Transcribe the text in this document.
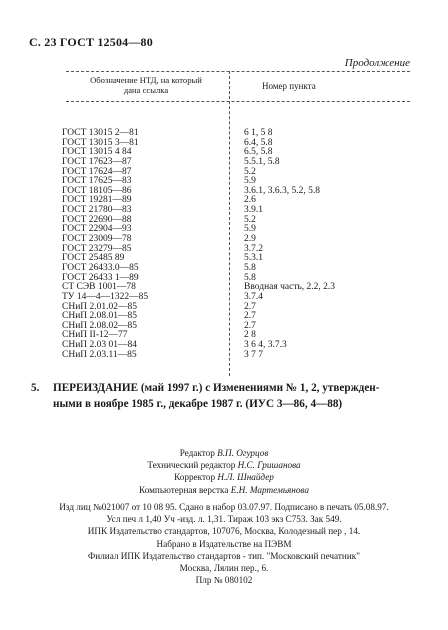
С. 23 ГОСТ 12504—80
Продолжение
Обозначение НТД, на который
дана ссылка	Номер пункта
ГОСТ 13015 2—81	6 1, 5 8
ГОСТ 13015 3—81	6.4, 5.8
ГОСТ 13015 4 84	6.5, 5.8
ГОСТ 17623—87	5.5.1, 5.8
ГОСТ 17624—87	5.2
ГОСТ 17625—83	5.9
ГОСТ 18105—86	3.6.1, 3.6.3, 5.2, 5.8
ГОСТ 19281—89	2.6
ГОСТ 21780—83	3.9.1
ГОСТ 22690—88	5.2
ГОСТ 22904—93	5.9
ГОСТ 23009—78	2.9
ГОСТ 23279—85	3.7.2
ГОСТ 25485 89	5.3.1
ГОСТ 26433.0—85	5.8
ГОСТ 26433 1—89	5.8
СТ СЭВ 1001—78	Вводная часть, 2.2, 2.3
ТУ 14—4—1322—85	3.7.4
СНиП 2.01.02—85	2.7
СНиП 2.08.01—85	2.7
СНиП 2.08.02—85	2.7
СНиП II-12—77	2 8
СНиП 2.03 01—84	3 6 4, 3.7.3
СНиП 2.03.11—85	3 7 7
5. ПЕРЕИЗДАНИЕ (май 1997 г.) с Изменениями № 1, 2, утвержден-
ными в ноябре 1985 г., декабре 1987 г. (ИУС 3—86, 4—88)
Редактор В.П. Огурцов
Технический редактор Н.С. Гришанова
Корректор Н.Л. Шнайдер
Компьютерная верстка Е.Н. Мартемьянова
Изд лиц №021007 от 10 08 95. Сдано в набор 03.07.97. Подписано в печать 05.08.97.
Усл печ л 1,40 Уч -изд. л. 1,31. Тираж 103 экз С753. Зак 549.
ИПК Издательство стандартов, 107076, Москва, Колодезный пер , 14.
Набрано в Издательстве на ПЭВМ
Филиал ИПК Издательство стандартов - тип. "Московский печатник"
Москва, Лялин пер., 6.
Плр № 080102
